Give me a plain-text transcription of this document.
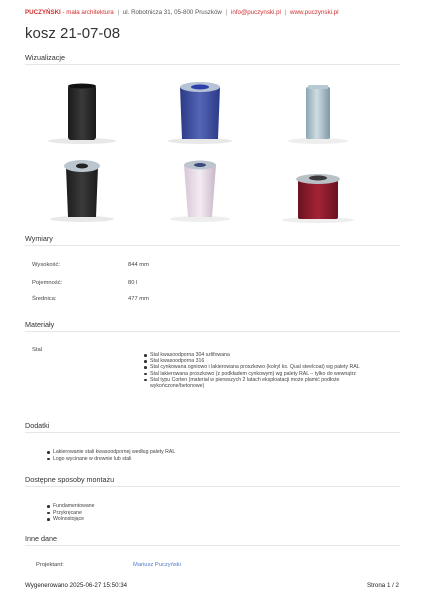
PUCZYŃSKI - mała architektura | ul. Robotnicza 31, 05-800 Pruszków | info@puczynski.pl | www.puczynski.pl
kosz 21-07-08
Wizualizacje
Wymiary
Wysokość:	844 mm
Pojemność:	80 l
Średnica:	477 mm
Materiały
Stal
Stal kwasoodporna 304 szlifowana
Stal kwasoodporna 316
Stal cynkowana ogniowo i lakierowana proszkowo (kolryl ks. Qual steelcoat) wg palety RAL
Stal lakierowana proszkowo (z podkładem cynkowym) wg palety RAL – tylko do wewnątrz
Stal typu Corten (materiał w pierwszych 2 latach eksploatacji może plamić podłoże wykończone/betonowe)
Dodatki
Lakierowanie stali kwasoodpornej według palety RAL
Logo wycinane w drewnie lub stali
Dostępne sposoby montażu
Fundamentowane
Przykręcane
Wolnostojące
Inne dane
Projektant:	Mariusz Puczyński
Wygenerowano 2025-06-27 15:50:34	Strona 1 / 2
